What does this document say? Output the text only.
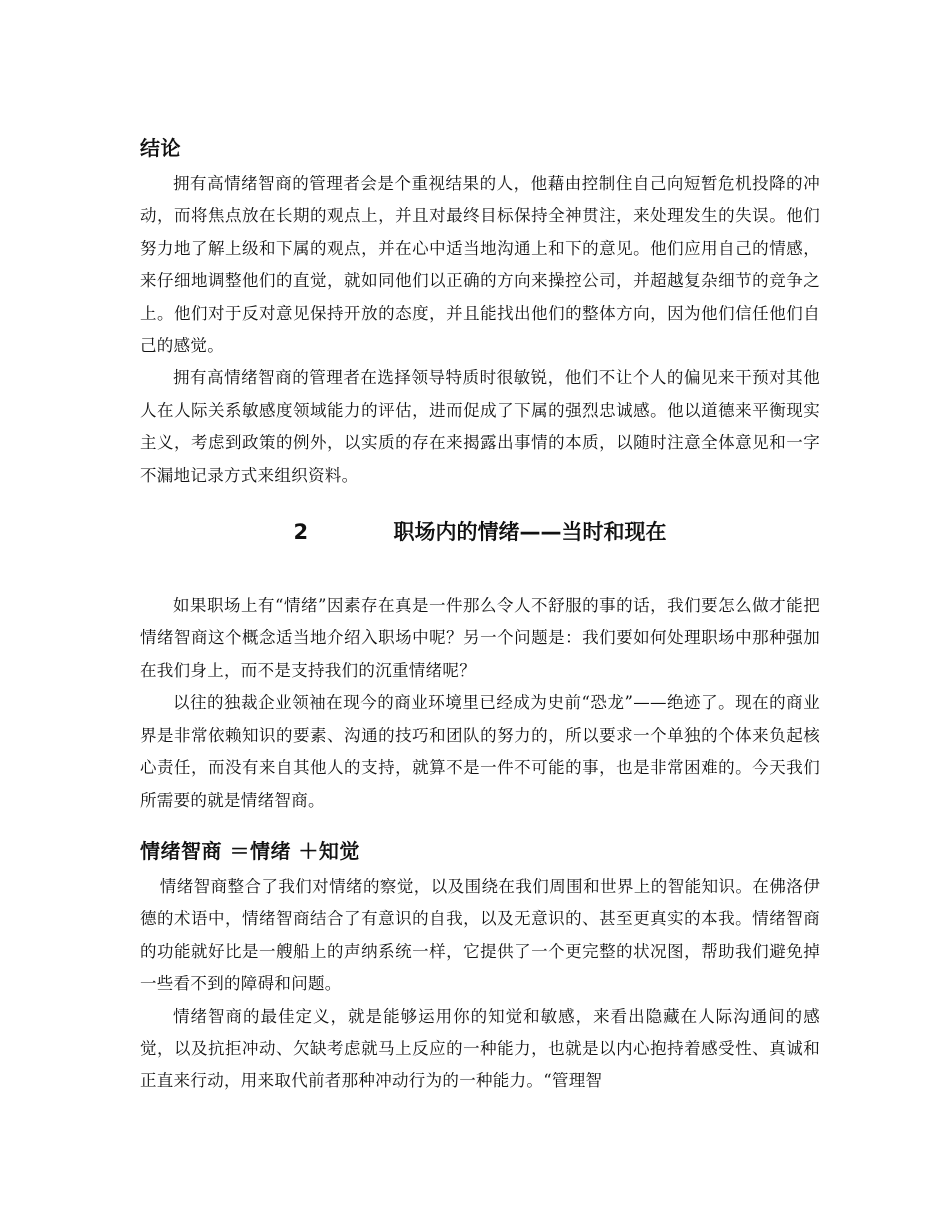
结论

拥有高情绪智商的管理者会是个重视结果的人，他藉由控制住自己向短暂危机投降的冲动，而将焦点放在长期的观点上，并且对最终目标保持全神贯注，来处理发生的失误。他们努力地了解上级和下属的观点，并在心中适当地沟通上和下的意见。他们应用自己的情感，来仔细地调整他们的直觉，就如同他们以正确的方向来操控公司，并超越复杂细节的竞争之上。他们对于反对意见保持开放的态度，并且能找出他们的整体方向，因为他们信任他们自己的感觉。

拥有高情绪智商的管理者在选择领导特质时很敏锐，他们不让个人的偏见来干预对其他人在人际关系敏感度领域能力的评估，进而促成了下属的强烈忠诚感。他以道德来平衡现实主义，考虑到政策的例外，以实质的存在来揭露出事情的本质，以随时注意全体意见和一字不漏地记录方式来组织资料。

2	职场内的情绪——当时和现在

如果职场上有“情绪”因素存在真是一件那么令人不舒服的事的话，我们要怎么做才能把情绪智商这个概念适当地介绍入职场中呢？另一个问题是：我们要如何处理职场中那种强加在我们身上，而不是支持我们的沉重情绪呢？

以往的独裁企业领袖在现今的商业环境里已经成为史前“恐龙”——绝迹了。现在的商业界是非常依赖知识的要素、沟通的技巧和团队的努力的，所以要求一个单独的个体来负起核心责任，而没有来自其他人的支持，就算不是一件不可能的事，也是非常困难的。今天我们所需要的就是情绪智商。

情绪智商 ＝情绪 ＋知觉

情绪智商整合了我们对情绪的察觉，以及围绕在我们周围和世界上的智能知识。在佛洛伊德的术语中，情绪智商结合了有意识的自我，以及无意识的、甚至更真实的本我。情绪智商的功能就好比是一艘船上的声纳系统一样，它提供了一个更完整的状况图，帮助我们避免掉一些看不到的障碍和问题。

情绪智商的最佳定义，就是能够运用你的知觉和敏感，来看出隐藏在人际沟通间的感觉，以及抗拒冲动、欠缺考虑就马上反应的一种能力，也就是以内心抱持着感受性、真诚和正直来行动，用来取代前者那种冲动行为的一种能力。“管理智
